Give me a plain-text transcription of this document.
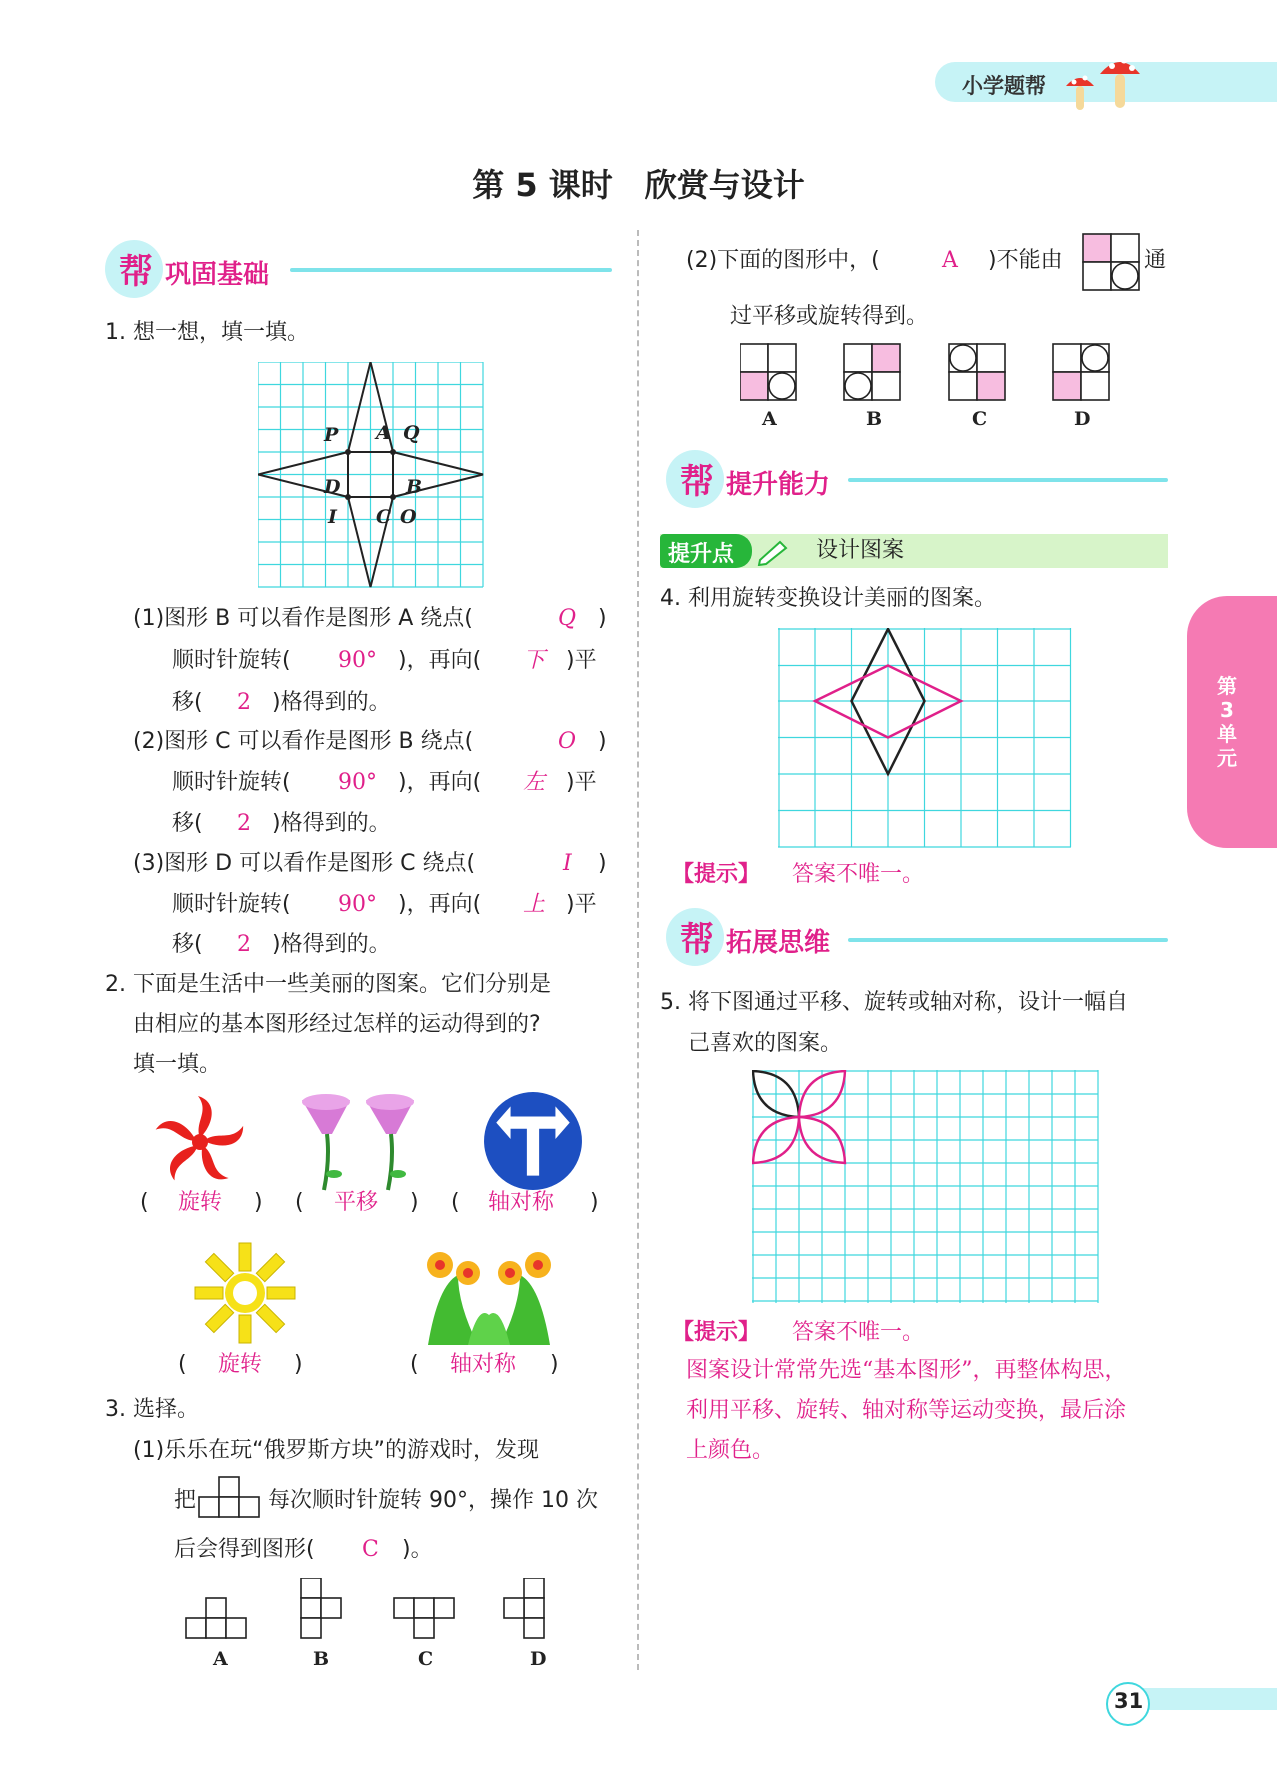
小学题帮
第 5 课时　欣赏与设计
帮 巩固基础
1. 想一想，填一填。
P A Q
D	B
I C O
(1)图形 B 可以看作是图形 A 绕点(	Q )
顺时针旋转( 90° )，再向( 下 )平
移( 2 )格得到的。
(2)图形 C 可以看作是图形 B 绕点(	O )
顺时针旋转( 90° )，再向( 左 )平
移( 2 )格得到的。
(3)图形 D 可以看作是图形 C 绕点(	I )
顺时针旋转( 90° )，再向( 上 )平
移( 2 )格得到的。
2. 下面是生活中一些美丽的图案。它们分别是
由相应的基本图形经过怎样的运动得到的?
填一填。
( 旋转 ) ( 平移 ) ( 轴对称 )
( 旋转 )	( 轴对称 )
3. 选择。
(1)乐乐在玩“俄罗斯方块”的游戏时，发现
把	每次顺时针旋转 90°，操作 10 次
后会得到图形( C )。
A	B	C	D
(2)下面的图形中，(	A )不能由	通
过平移或旋转得到。
A	B	C	D
帮 提升能力
提升点	设计图案
4. 利用旋转变换设计美丽的图案。
【提示】 答案不唯一。
帮 拓展思维
5. 将下图通过平移、旋转或轴对称，设计一幅自
己喜欢的图案。
【提示】 答案不唯一。
图案设计常常先选“基本图形”，再整体构思，
利用平移、旋转、轴对称等运动变换，最后涂
上颜色。
第
3
单
元
31
